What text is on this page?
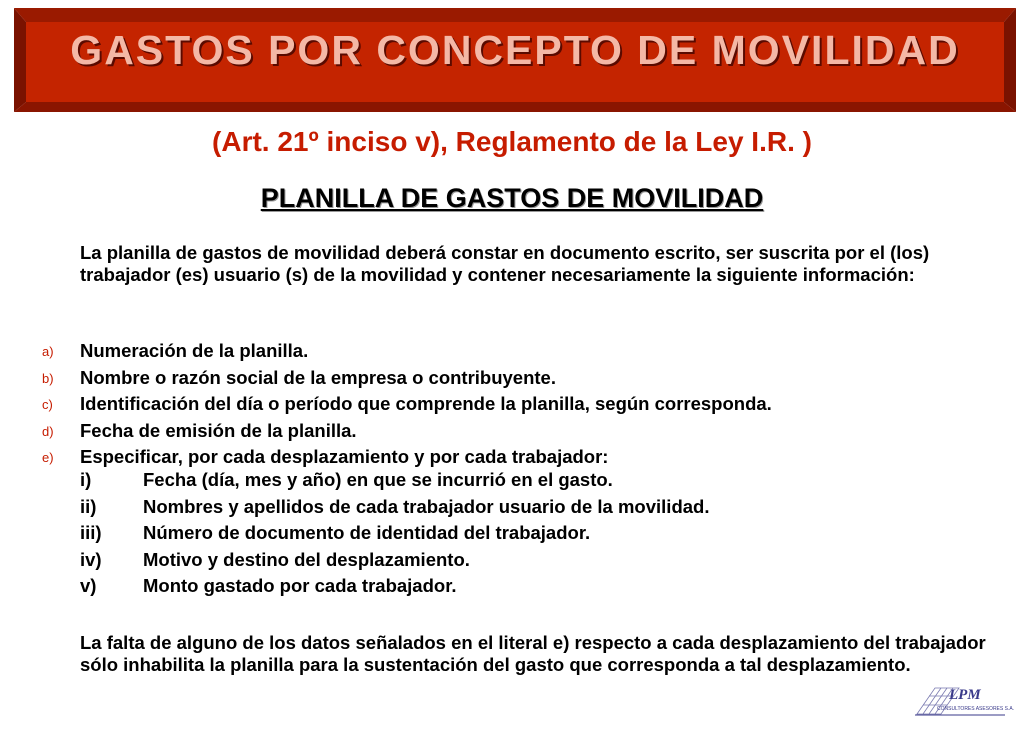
GASTOS POR CONCEPTO DE MOVILIDAD
(Art. 21º inciso v), Reglamento de la Ley I.R. )
PLANILLA DE GASTOS DE MOVILIDAD
La planilla de gastos de movilidad deberá constar en documento escrito, ser suscrita por el (los) trabajador (es) usuario (s) de la movilidad y contener necesariamente la siguiente información:
a) Numeración de la planilla.
b) Nombre o razón social de la empresa o contribuyente.
c) Identificación del día o período que comprende la planilla, según corresponda.
d) Fecha de emisión de la planilla.
e) Especificar, por cada desplazamiento y por cada trabajador:
i)	Fecha (día, mes y año) en que se incurrió en el gasto.
ii)	Nombres y apellidos de cada trabajador usuario de la movilidad.
iii) Número de documento de identidad del trabajador.
iv) Motivo y destino del desplazamiento.
v)	Monto gastado por cada trabajador.
La falta de alguno de los datos señalados en el literal e) respecto a cada desplazamiento del trabajador sólo inhabilita la planilla para la sustentación del gasto que corresponda a tal desplazamiento.
LPM
CONSULTORES ASESORES S.A.
